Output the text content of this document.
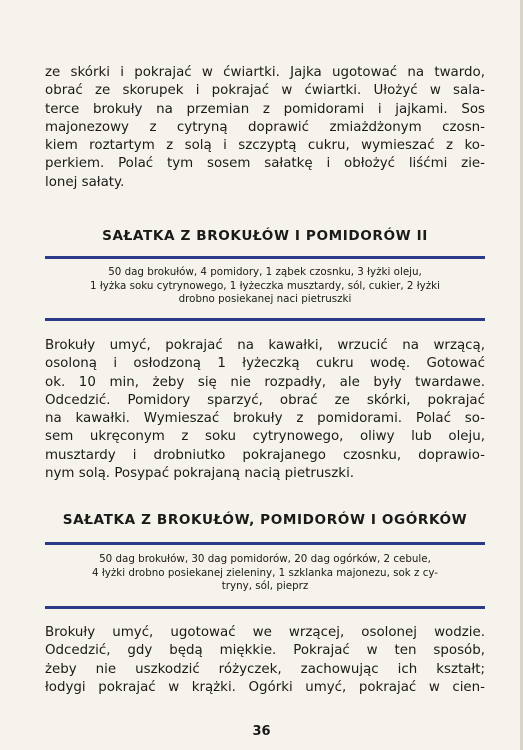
ze skórki i pokrajać w ćwiartki. Jajka ugotować na twardo,
obrać ze skorupek i pokrajać w ćwiartki. Ułożyć w sala-
terce brokuły na przemian z pomidorami i jajkami. Sos
majonezowy z cytryną doprawić zmiażdżonym czosn-
kiem roztartym z solą i szczyptą cukru, wymieszać z ko-
perkiem. Polać tym sosem sałatkę i obłożyć liśćmi zie-
lonej sałaty.
SAŁATKA Z BROKUŁÓW I POMIDORÓW II
50 dag brokułów, 4 pomidory, 1 ząbek czosnku, 3 łyżki oleju,
1 łyżka soku cytrynowego, 1 łyżeczka musztardy, sól, cukier, 2 łyżki
drobno posiekanej naci pietruszki
Brokuły umyć, pokrajać na kawałki, wrzucić na wrzącą,
osoloną i osłodzoną 1 łyżeczką cukru wodę. Gotować
ok. 10 min, żeby się nie rozpadły, ale były twardawe.
Odcedzić. Pomidory sparzyć, obrać ze skórki, pokrajać
na kawałki. Wymieszać brokuły z pomidorami. Polać so-
sem ukręconym z soku cytrynowego, oliwy lub oleju,
musztardy i drobniutko pokrajanego czosnku, doprawio-
nym solą. Posypać pokrajaną nacią pietruszki.
SAŁATKA Z BROKUŁÓW, POMIDORÓW I OGÓRKÓW
50 dag brokułów, 30 dag pomidorów, 20 dag ogórków, 2 cebule,
4 łyżki drobno posiekanej zieleniny, 1 szklanka majonezu, sok z cy-
tryny, sól, pieprz
Brokuły umyć, ugotować we wrzącej, osolonej wodzie.
Odcedzić, gdy będą miękkie. Pokrajać w ten sposób,
żeby nie uszkodzić różyczek, zachowując ich kształt;
łodygi pokrajać w krążki. Ogórki umyć, pokrajać w cien-
36
